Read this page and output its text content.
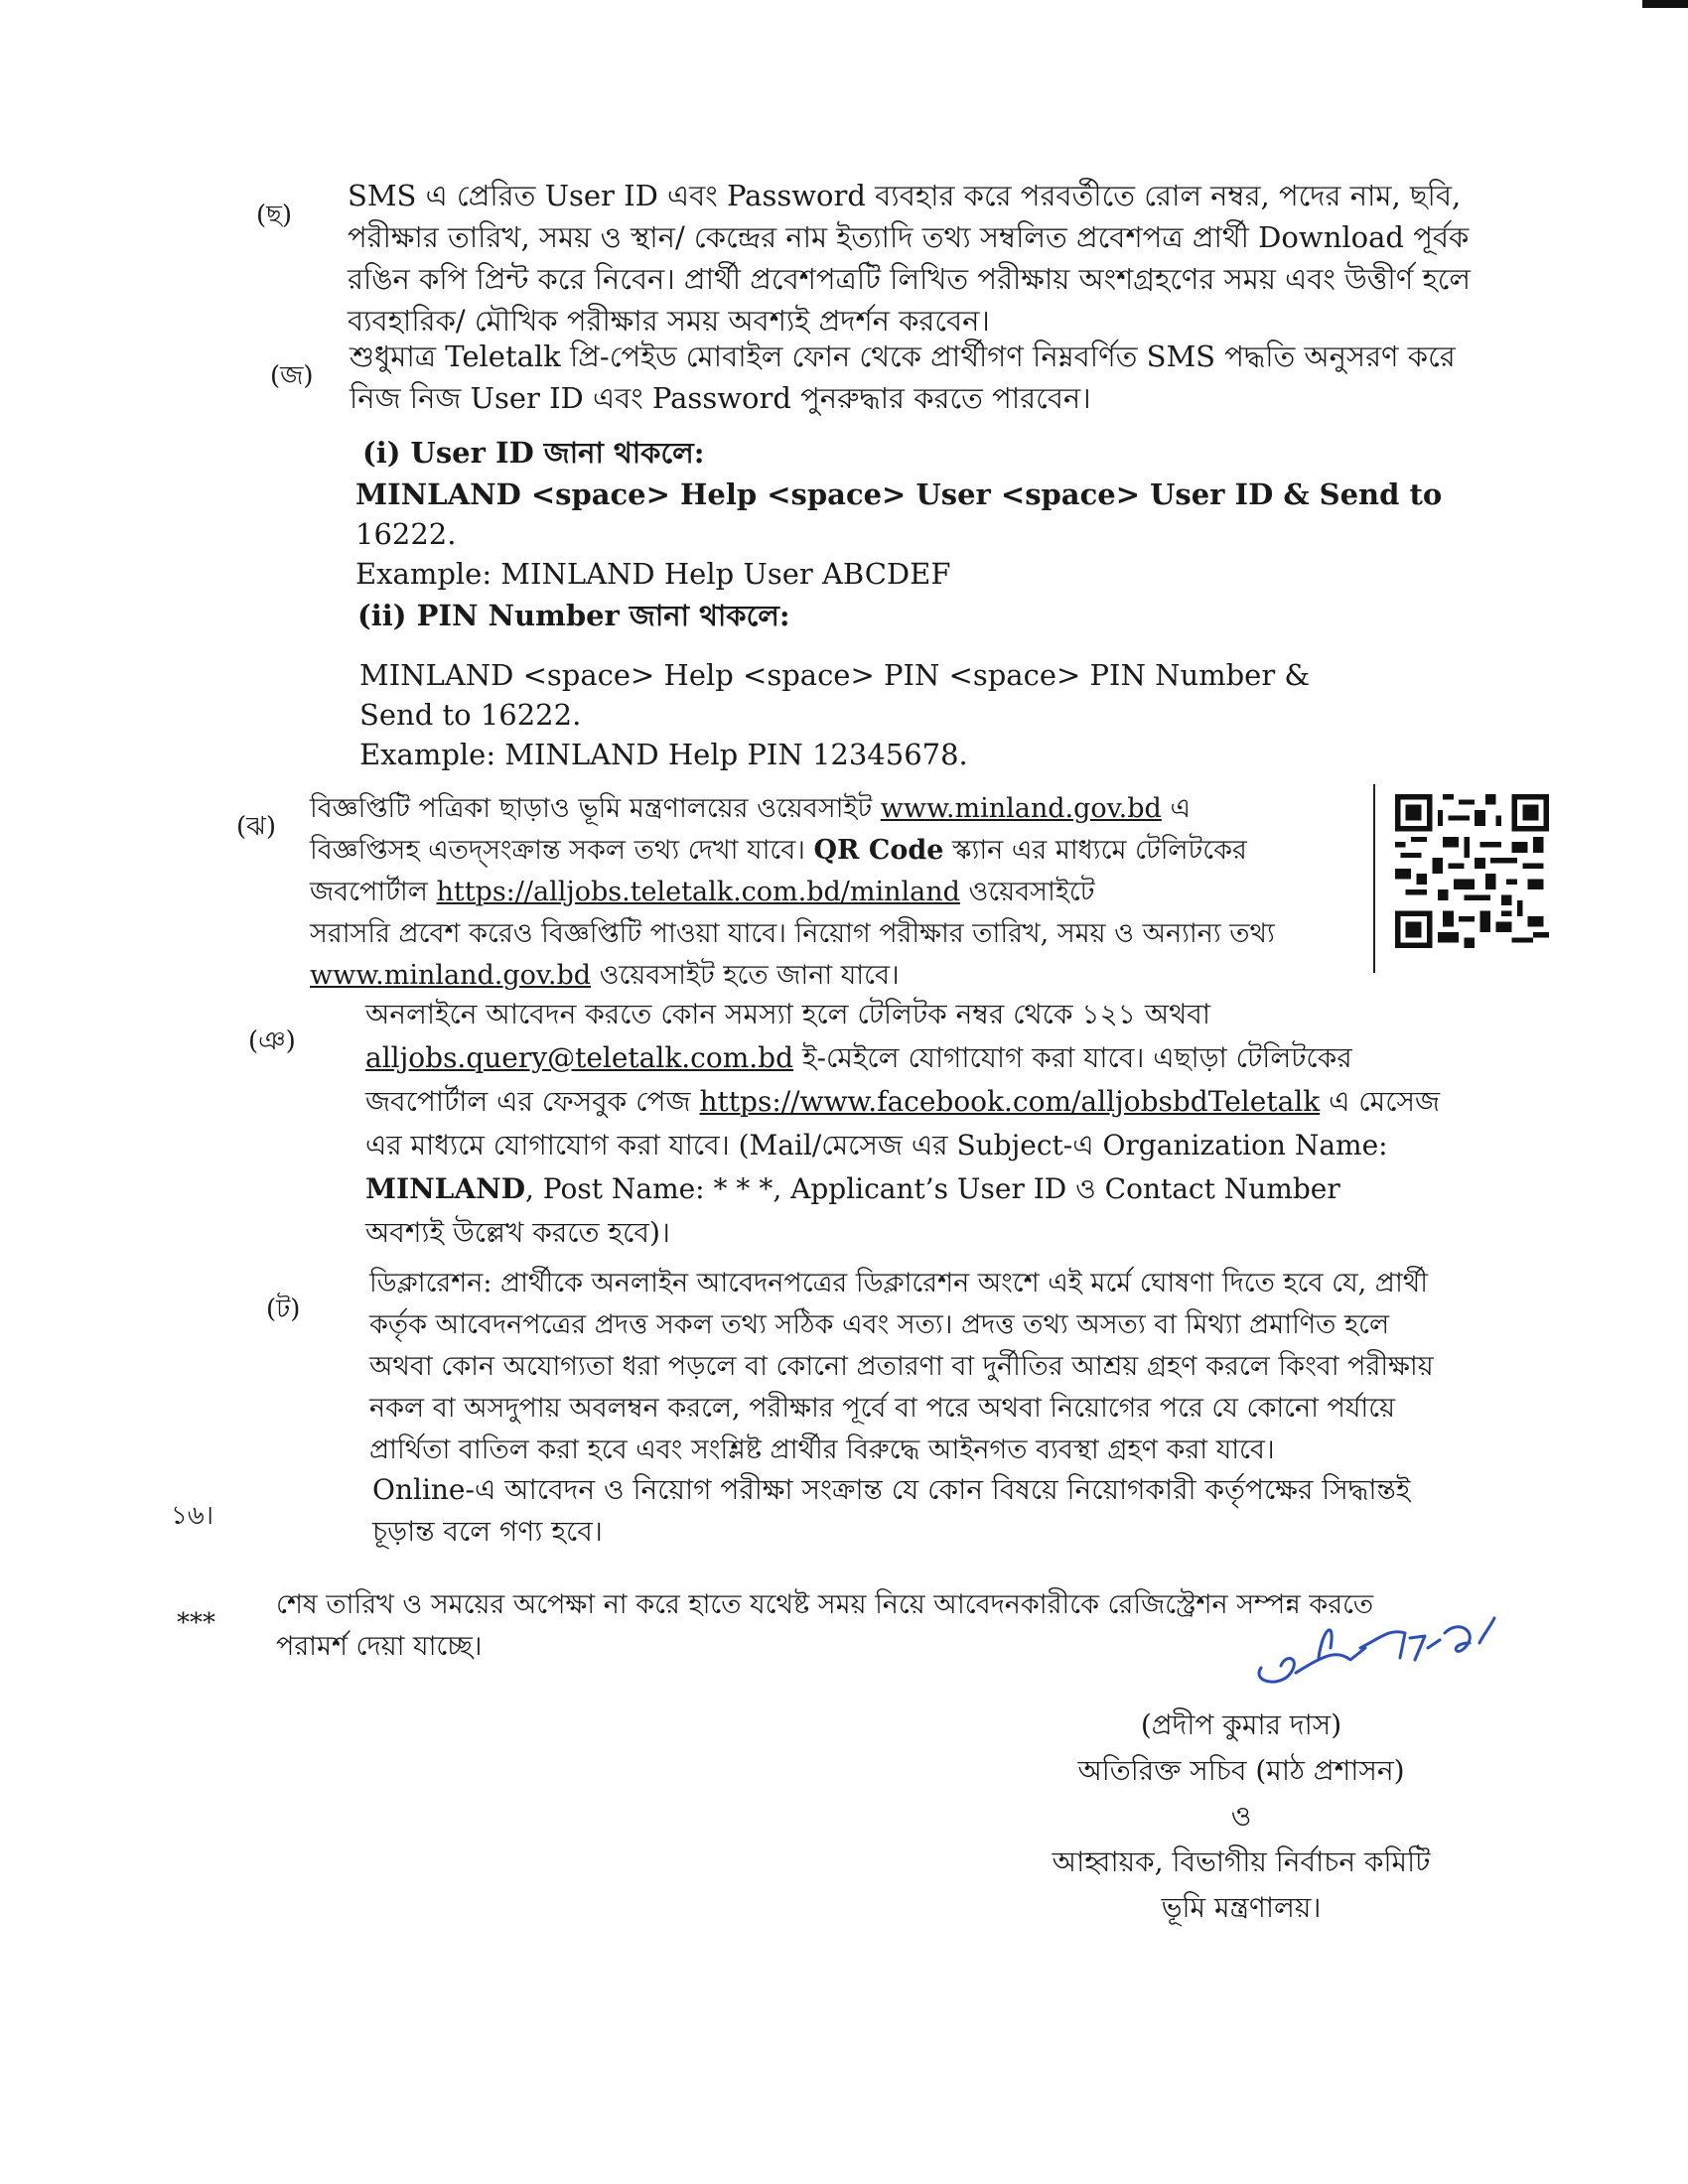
(ছ)
SMS এ প্রেরিত User ID এবং Password ব্যবহার করে পরবর্তীতে রোল নম্বর, পদের নাম, ছবি,
পরীক্ষার তারিখ, সময় ও স্থান/ কেন্দ্রের নাম ইত্যাদি তথ্য সম্বলিত প্রবেশপত্র প্রার্থী Download পূর্বক
রঙিন কপি প্রিন্ট করে নিবেন। প্রার্থী প্রবেশপত্রটি লিখিত পরীক্ষায় অংশগ্রহণের সময় এবং উত্তীর্ণ হলে
ব্যবহারিক/ মৌখিক পরীক্ষার সময় অবশ্যই প্রদর্শন করবেন।
(জ)
শুধুমাত্র Teletalk প্রি-পেইড মোবাইল ফোন থেকে প্রার্থীগণ নিম্নবর্ণিত SMS পদ্ধতি অনুসরণ করে
নিজ নিজ User ID এবং Password পুনরুদ্ধার করতে পারবেন।
(i) User ID জানা থাকলে:
MINLAND <space> Help <space> User <space> User ID & Send to
16222.
Example: MINLAND Help User ABCDEF
(ii) PIN Number জানা থাকলে:
MINLAND <space> Help <space> PIN <space> PIN Number &
Send to 16222.
Example: MINLAND Help PIN 12345678.
(ঝ)
বিজ্ঞপ্তিটি পত্রিকা ছাড়াও ভূমি মন্ত্রণালয়ের ওয়েবসাইট www.minland.gov.bd এ
বিজ্ঞপ্তিসহ এতদ্‌সংক্রান্ত সকল তথ্য দেখা যাবে। QR Code স্ক্যান এর মাধ্যমে টেলিটকের
জবপোর্টাল https://alljobs.teletalk.com.bd/minland ওয়েবসাইটে
সরাসরি প্রবেশ করেও বিজ্ঞপ্তিটি পাওয়া যাবে। নিয়োগ পরীক্ষার তারিখ, সময় ও অন্যান্য তথ্য
www.minland.gov.bd ওয়েবসাইট হতে জানা যাবে।
(ঞ)
অনলাইনে আবেদন করতে কোন সমস্যা হলে টেলিটক নম্বর থেকে ১২১ অথবা
alljobs.query@teletalk.com.bd ই-মেইলে যোগাযোগ করা যাবে। এছাড়া টেলিটকের
জবপোর্টাল এর ফেসবুক পেজ https://www.facebook.com/alljobsbdTeletalk এ মেসেজ
এর মাধ্যমে যোগাযোগ করা যাবে। (Mail/মেসেজ এর Subject-এ Organization Name:
MINLAND, Post Name: * * *, Applicant’s User ID ও Contact Number
অবশ্যই উল্লেখ করতে হবে)।
(ট)
ডিক্লারেশন: প্রার্থীকে অনলাইন আবেদনপত্রের ডিক্লারেশন অংশে এই মর্মে ঘোষণা দিতে হবে যে, প্রার্থী
কর্তৃক আবেদনপত্রের প্রদত্ত সকল তথ্য সঠিক এবং সত্য। প্রদত্ত তথ্য অসত্য বা মিথ্যা প্রমাণিত হলে
অথবা কোন অযোগ্যতা ধরা পড়লে বা কোনো প্রতারণা বা দুর্নীতির আশ্রয় গ্রহণ করলে কিংবা পরীক্ষায়
নকল বা অসদুপায় অবলম্বন করলে, পরীক্ষার পূর্বে বা পরে অথবা নিয়োগের পরে যে কোনো পর্যায়ে
প্রার্থিতা বাতিল করা হবে এবং সংশ্লিষ্ট প্রার্থীর বিরুদ্ধে আইনগত ব্যবস্থা গ্রহণ করা যাবে।
১৬।
Online-এ আবেদন ও নিয়োগ পরীক্ষা সংক্রান্ত যে কোন বিষয়ে নিয়োগকারী কর্তৃপক্ষের সিদ্ধান্তই
চূড়ান্ত বলে গণ্য হবে।
***
শেষ তারিখ ও সময়ের অপেক্ষা না করে হাতে যথেষ্ট সময় নিয়ে আবেদনকারীকে রেজিস্ট্রেশন সম্পন্ন করতে
পরামর্শ দেয়া যাচ্ছে।
(প্রদীপ কুমার দাস)
অতিরিক্ত সচিব (মাঠ প্রশাসন)
ও
আহ্বায়ক, বিভাগীয় নির্বাচন কমিটি
ভূমি মন্ত্রণালয়।
